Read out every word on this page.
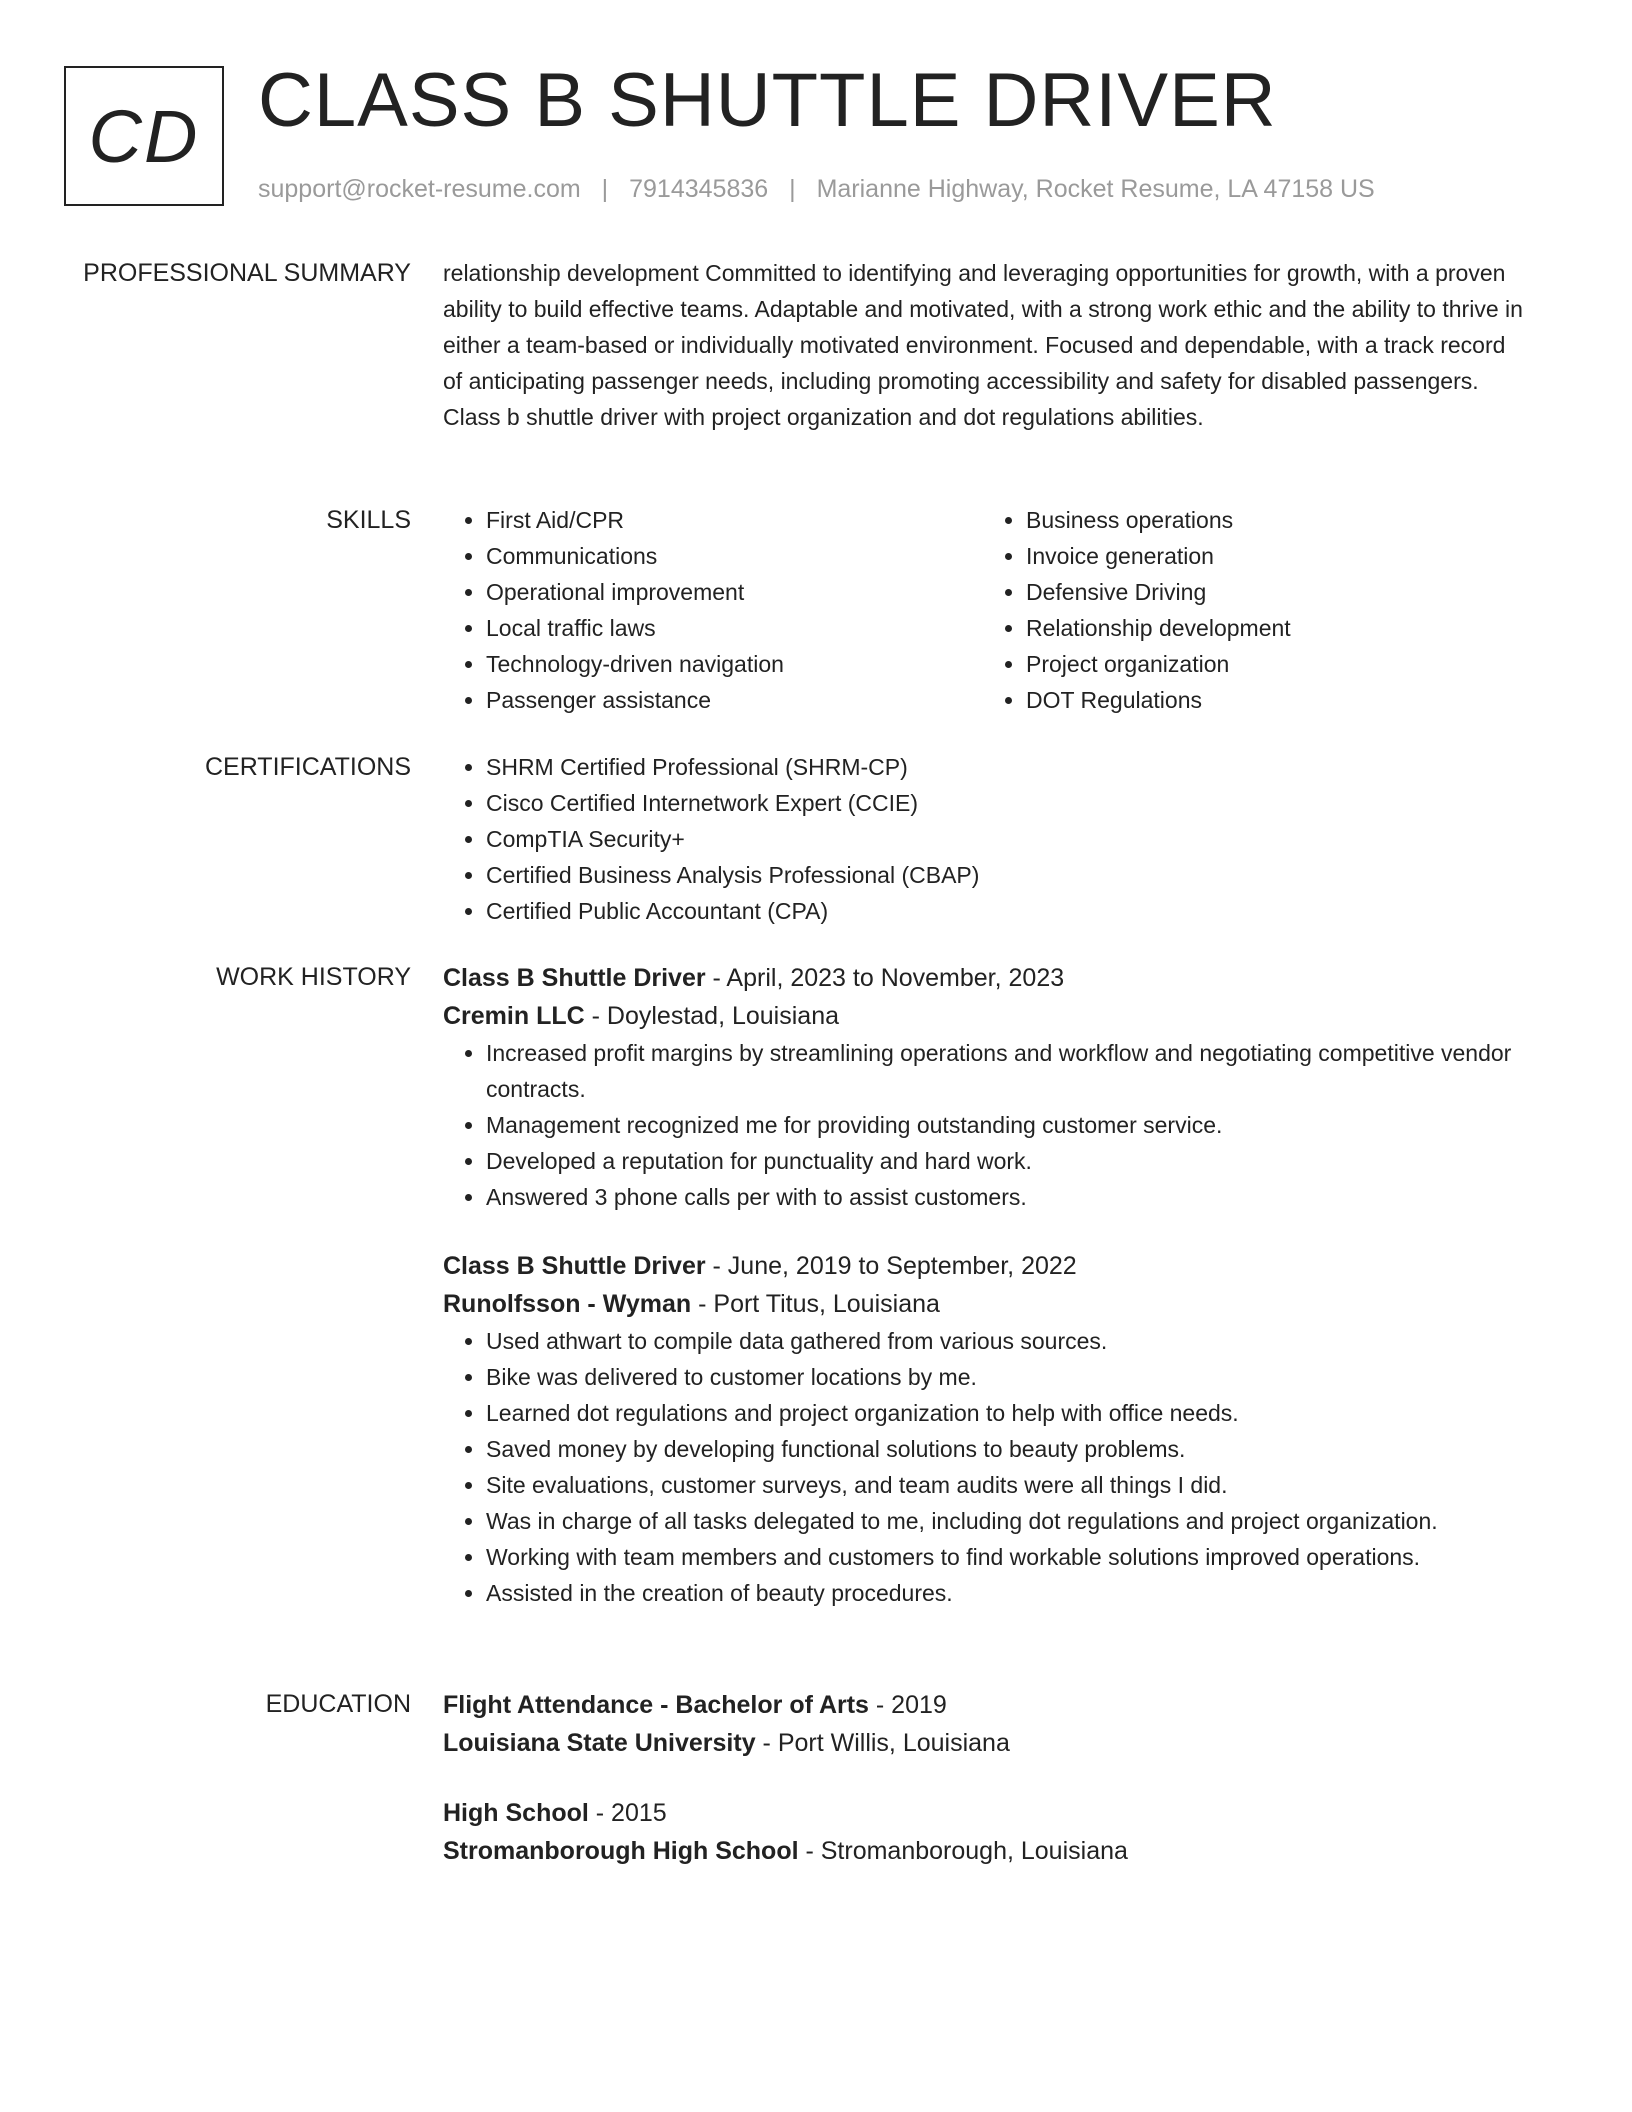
CD CLASS B SHUTTLE DRIVER
support@rocket-resume.com | 7914345836 | Marianne Highway, Rocket Resume, LA 47158 US
PROFESSIONAL SUMMARY relationship development Committed to identifying and leveraging opportunities for growth, with a proven ability to build effective teams. Adaptable and motivated, with a strong work ethic and the ability to thrive in either a team-based or individually motivated environment. Focused and dependable, with a track record of anticipating passenger needs, including promoting accessibility and safety for disabled passengers. Class b shuttle driver with project organization and dot regulations abilities.

SKILLS	• First Aid/CPR
• Communications
• Operational improvement
• Local traffic laws
• Technology-driven navigation
• Passenger assistance
• Business operations
• Invoice generation
• Defensive Driving
• Relationship development
• Project organization
• DOT Regulations
CERTIFICATIONS	• SHRM Certified Professional (SHRM-CP)
• Cisco Certified Internetwork Expert (CCIE)
• CompTIA Security+
• Certified Business Analysis Professional (CBAP)
• Certified Public Accountant (CPA)
WORK HISTORY Class B Shuttle Driver - April, 2023 to November, 2023
Cremin LLC - Doylestad, Louisiana
• Increased profit margins by streamlining operations and workflow and negotiating competitive vendor contracts.
• Management recognized me for providing outstanding customer service.
• Developed a reputation for punctuality and hard work.
• Answered 3 phone calls per with to assist customers.
Class B Shuttle Driver - June, 2019 to September, 2022
Runolfsson - Wyman - Port Titus, Louisiana
• Used athwart to compile data gathered from various sources.
• Bike was delivered to customer locations by me.
• Learned dot regulations and project organization to help with office needs.
• Saved money by developing functional solutions to beauty problems.
• Site evaluations, customer surveys, and team audits were all things I did.
• Was in charge of all tasks delegated to me, including dot regulations and project organization.
• Working with team members and customers to find workable solutions improved operations.
• Assisted in the creation of beauty procedures.
EDUCATION Flight Attendance - Bachelor of Arts - 2019
Louisiana State University - Port Willis, Louisiana
High School - 2015
Stromanborough High School - Stromanborough, Louisiana
